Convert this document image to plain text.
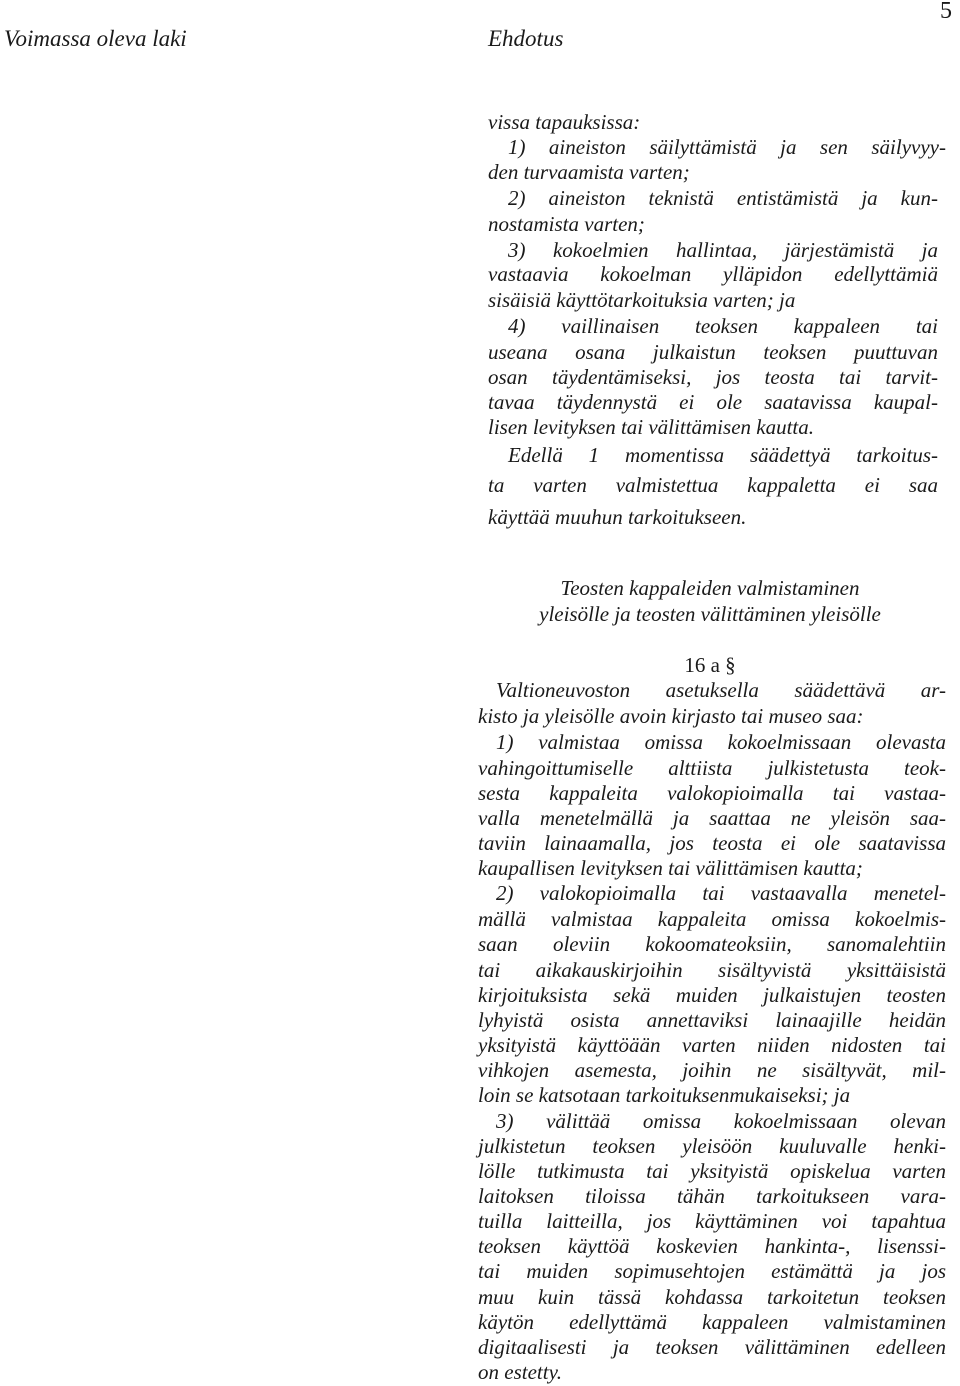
Voimassa oleva laki	Ehdotus
5
vissa tapauksissa:
1) aineiston säilyttämistä ja sen säilyvyy-
den turvaamista varten;
2) aineiston teknistä entistämistä ja kun-
nostamista varten;
3) kokoelmien hallintaa, järjestämistä ja
vastaavia kokoelman ylläpidon edellyttämiä
sisäisiä käyttötarkoituksia varten; ja
4) vaillinaisen teoksen kappaleen tai
useana osana julkaistun teoksen puuttuvan
osan täydentämiseksi, jos teosta tai tarvit-
tavaa täydennystä ei ole saatavissa kaupal-
lisen levityksen tai välittämisen kautta.
Edellä 1 momentissa säädettyä tarkoitus-
ta varten valmistettua kappaletta ei saa
käyttää muuhun tarkoitukseen.
Teosten kappaleiden valmistaminen
yleisölle ja teosten välittäminen yleisölle
16 a §
Valtioneuvoston asetuksella säädettävä ar-
kisto ja yleisölle avoin kirjasto tai museo saa:
1) valmistaa omissa kokoelmissaan olevasta
vahingoittumiselle alttiista julkistetusta teok-
sesta kappaleita valokopioimalla tai vastaa-
valla menetelmällä ja saattaa ne yleisön saa-
taviin lainaamalla, jos teosta ei ole saatavissa
kaupallisen levityksen tai välittämisen kautta;
2) valokopioimalla tai vastaavalla menetel-
mällä valmistaa kappaleita omissa kokoelmis-
saan oleviin kokoomateoksiin, sanomalehtiin
tai aikakauskirjoihin sisältyvistä yksittäisistä
kirjoituksista sekä muiden julkaistujen teosten
lyhyistä osista annettaviksi lainaajille heidän
yksityistä käyttöään varten niiden nidosten tai
vihkojen asemesta, joihin ne sisältyvät, mil-
loin se katsotaan tarkoituksenmukaiseksi; ja
3) välittää omissa kokoelmissaan olevan
julkistetun teoksen yleisöön kuuluvalle henki-
lölle tutkimusta tai yksityistä opiskelua varten
laitoksen tiloissa tähän tarkoitukseen vara-
tuilla laitteilla, jos käyttäminen voi tapahtua
teoksen käyttöä koskevien hankinta-, lisenssi-
tai muiden sopimusehtojen estämättä ja jos
muu kuin tässä kohdassa tarkoitetun teoksen
käytön edellyttämä kappaleen valmistaminen
digitaalisesti ja teoksen välittäminen edelleen
on estetty.
